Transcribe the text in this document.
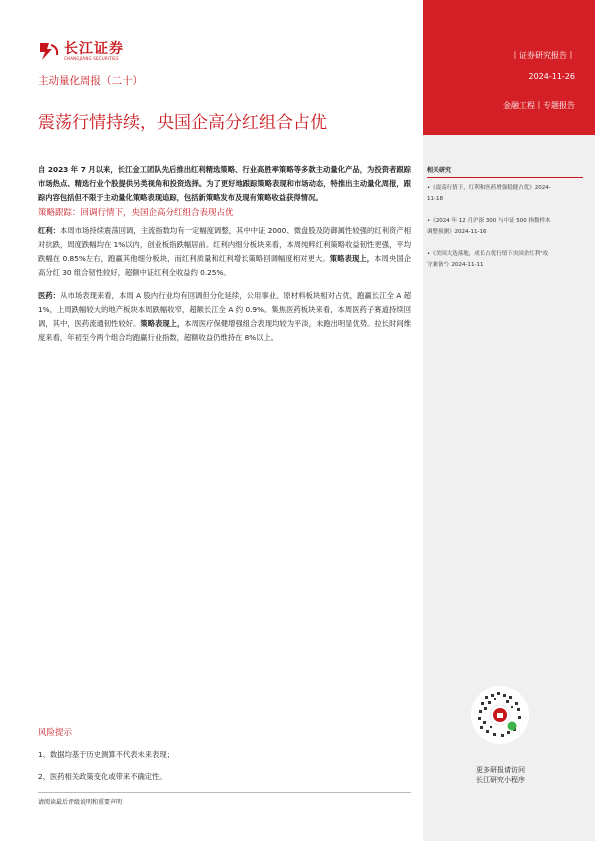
长江证券
CHANGJIANG SECURITIES
主动量化周报（二十）
震荡行情持续，央国企高分红组合占优
丨证券研究报告丨
2024-11-26
金融工程丨专题报告
相关研究
•《震荡行情下，红利和医药增强稳健占优》2024-
11-18
•《2024 年 12 月沪深 300 与中证 500 指数样本
调整预测》2024-11-16
•《美国大选落地，成长占优行情下央国企红利"攻
守兼备"》2024-11-11
更多研报请访问
长江研究小程序

自 2023 年 7 月以来，长江金工团队先后推出红利精选策略、行业高胜率策略等多款主动量化产品，为投资者跟踪市场热点、精选行业个股提供另类视角和投资选择。为了更好地跟踪策略表现和市场动态，特推出主动量化周报，跟踪内容包括但不限于主动量化策略表现追踪，包括新策略发布及现有策略收益获得情况。

策略跟踪：回调行情下，央国企高分红组合表现占优

红利：本周市场持续震荡回调，主流指数均有一定幅度调整，其中中证 2000、微盘股及防御属性较强的红利资产相对抗跌，周度跌幅均在 1%以内，创业板指跌幅居前。红利内细分板块来看，本周纯粹红利策略收益韧性更强，平均跌幅在 0.85%左右，跑赢其他细分板块，而红利质量和红利增长策略回调幅度相对更大。策略表现上，本周央国企高分红 30 组合韧性较好，超额中证红利全收益约 0.25%。

医药：从市场表现来看，本周 A 股内行业均有回调但分化延续，公用事业、原材料板块相对占优，跑赢长江全 A 超 1%，上周跌幅较大的地产板块本周跌幅收窄，超额长江全 A 约 0.9%。集焦医药板块来看，本周医药子赛道持续回调，其中，医药流通韧性较好。策略表现上，本周医疗保健增强组合表现均较为平淡，未跑出明显优势。拉长时间维度来看，年初至今两个组合均跑赢行业指数，超额收益仍维持在 8%以上。

风险提示
1、数据均基于历史测算不代表未来表现；
2、医药相关政策变化或带来不确定性。
请阅读最后评级说明和重要声明
